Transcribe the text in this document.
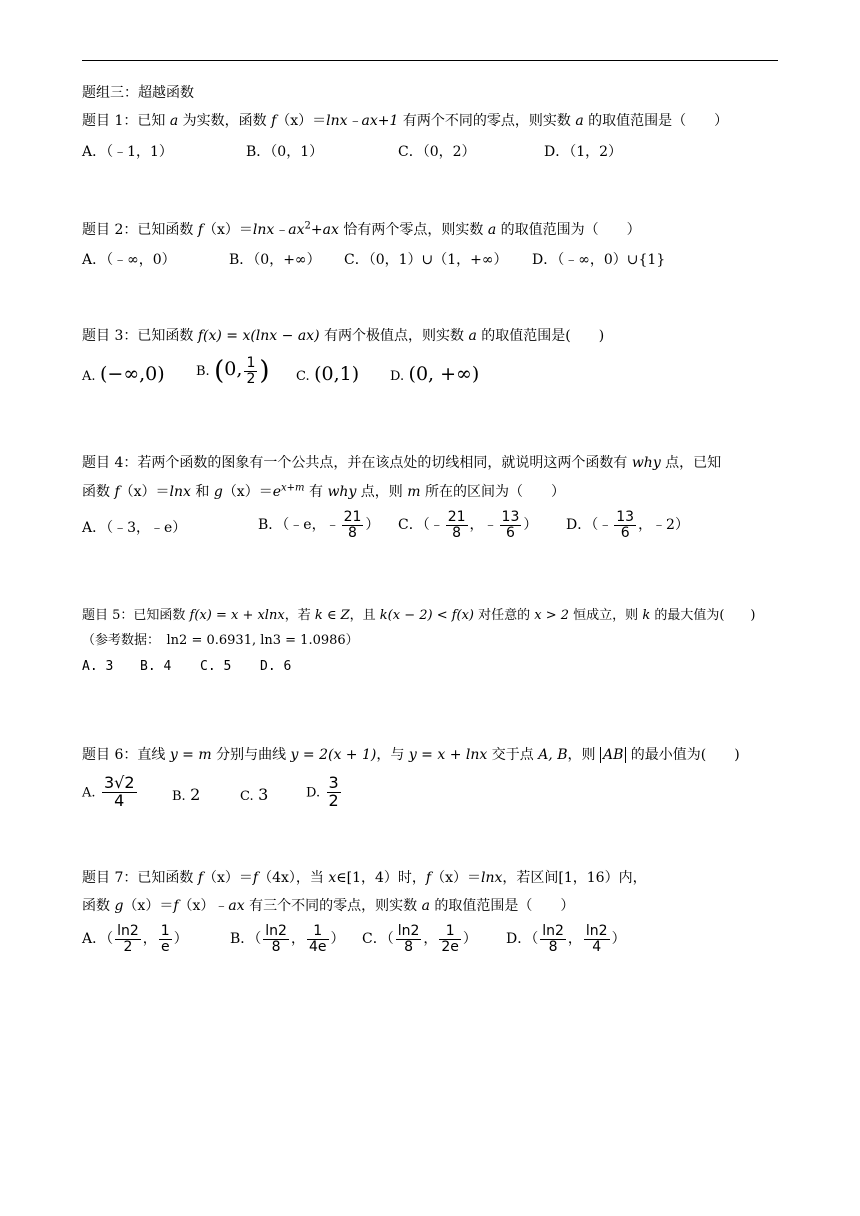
题组三：超越函数
题目 1：已知 a 为实数，函数 f（x）＝lnx﹣ax+1 有两个不同的零点，则实数 a 的取值范围是（　　）
A．（﹣1，1）	B．（0，1）	C．（0，2）	D．（1，2）
题目 2：已知函数 $f(x)=\ln x﹣ax^2+ax$ 恰有两个零点，则实数 a 的取值范围为（　　）
A．（﹣∞，0）	B．（0，+∞） C．（0，1）∪（1，+∞） D．（﹣∞，0）∪{1}
题目 3：已知函数 f(x) = x(lnx − ax) 有两个极值点，则实数 a 的取值范围是(　　)
A. (−∞,0) B. (0, $\frac{1}{2}$ ) C. (0,1) D. (0, +∞)
题目 4：若两个函数的图象有一个公共点，并在该点处的切线相同，就说明这两个函数有 why 点，已知
函数 f（x）＝lnx 和 $g(x)=e^{x+m}$ 有 why 点，则 m 所在的区间为（　　）
A．（﹣3，﹣e）	B．（﹣e，﹣ $\frac{21}{8}$ ） C．（﹣ $\frac{21}{8}$ ，﹣ $\frac{13}{6}$ ） D．（﹣ $\frac{13}{6}$ ，﹣2）
题目 5：已知函数 f(x) = x + xlnx，若 k ∈ Z，且 k(x − 2) < f(x) 对任意的 x > 2 恒成立，则 k 的最大值为(　　)
（参考数据：　ln2 = 0.6931, ln3 = 1.0986）
A. 3 B. 4 C. 5 D. 6
题目 6：直线 y = m 分别与曲线 y = 2(x + 1)，与 y = x + lnx 交于点 A, B，则 AB 的最小值为(　　)
A. $\frac{3√2}{4}$	B. 2	C. 3	D. $\frac{3}{2}$
题目 7：已知函数 f（x）＝f（4x），当 x∈[1，4）时，f（x）＝lnx，若区间[1，16）内，
函数 g（x）＝f（x）﹣ax 有三个不同的零点，则实数 a 的取值范围是（　　）
A．（ $\frac{\ln 2}{2}$ ， $\frac{1}{e}$ ）	B．（ $\frac{\ln 2}{8}$ ， $\frac{1}{4e}$ ） C．（ $\frac{\ln 2}{8}$ ， $\frac{1}{2e}$ ） D．（ $\frac{\ln 2}{8}$ ， $\frac{\ln 2}{4}$ ）
